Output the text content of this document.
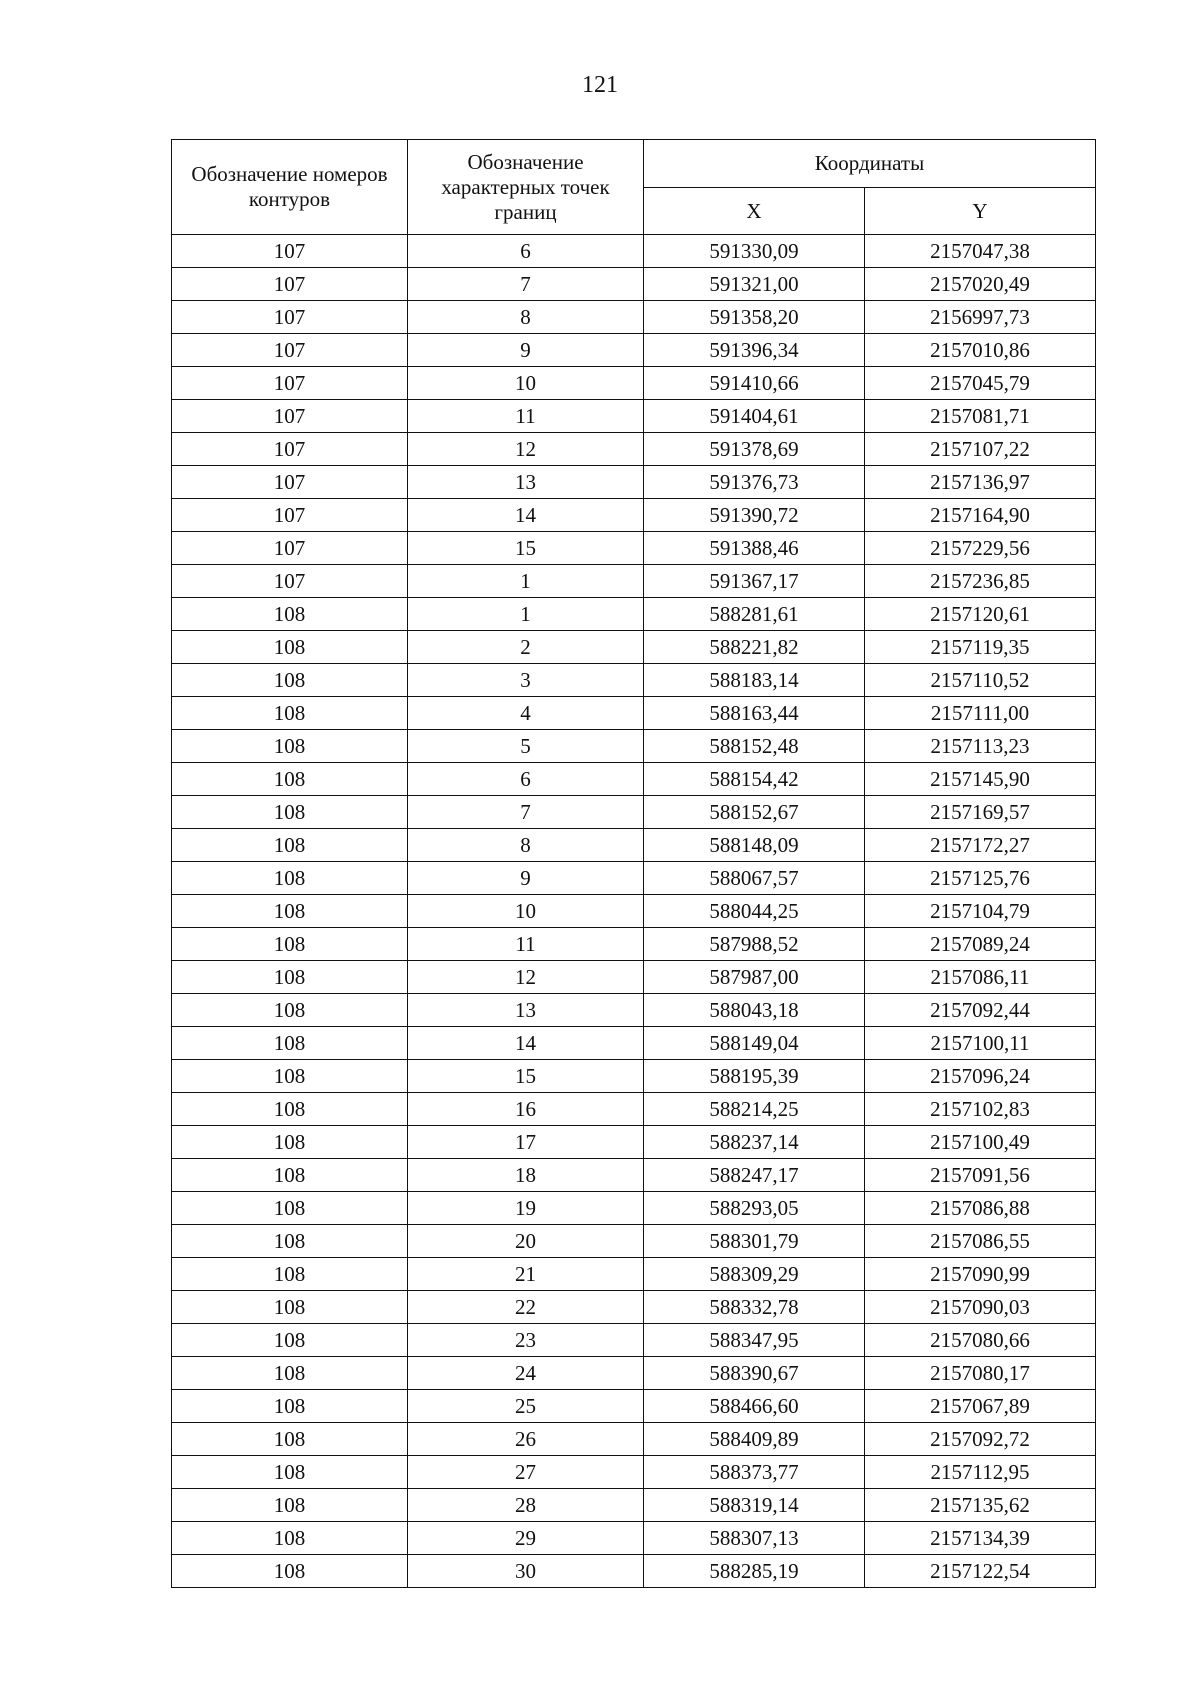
121
Обозначение номеров контуров	Обозначение характерных точек границ	Координаты	
		X	Y
107	6	591330,09	2157047,38
107	7	591321,00	2157020,49
107	8	591358,20	2156997,73
107	9	591396,34	2157010,86
107	10	591410,66	2157045,79
107	11	591404,61	2157081,71
107	12	591378,69	2157107,22
107	13	591376,73	2157136,97
107	14	591390,72	2157164,90
107	15	591388,46	2157229,56
107	1	591367,17	2157236,85
108	1	588281,61	2157120,61
108	2	588221,82	2157119,35
108	3	588183,14	2157110,52
108	4	588163,44	2157111,00
108	5	588152,48	2157113,23
108	6	588154,42	2157145,90
108	7	588152,67	2157169,57
108	8	588148,09	2157172,27
108	9	588067,57	2157125,76
108	10	588044,25	2157104,79
108	11	587988,52	2157089,24
108	12	587987,00	2157086,11
108	13	588043,18	2157092,44
108	14	588149,04	2157100,11
108	15	588195,39	2157096,24
108	16	588214,25	2157102,83
108	17	588237,14	2157100,49
108	18	588247,17	2157091,56
108	19	588293,05	2157086,88
108	20	588301,79	2157086,55
108	21	588309,29	2157090,99
108	22	588332,78	2157090,03
108	23	588347,95	2157080,66
108	24	588390,67	2157080,17
108	25	588466,60	2157067,89
108	26	588409,89	2157092,72
108	27	588373,77	2157112,95
108	28	588319,14	2157135,62
108	29	588307,13	2157134,39
108	30	588285,19	2157122,54
